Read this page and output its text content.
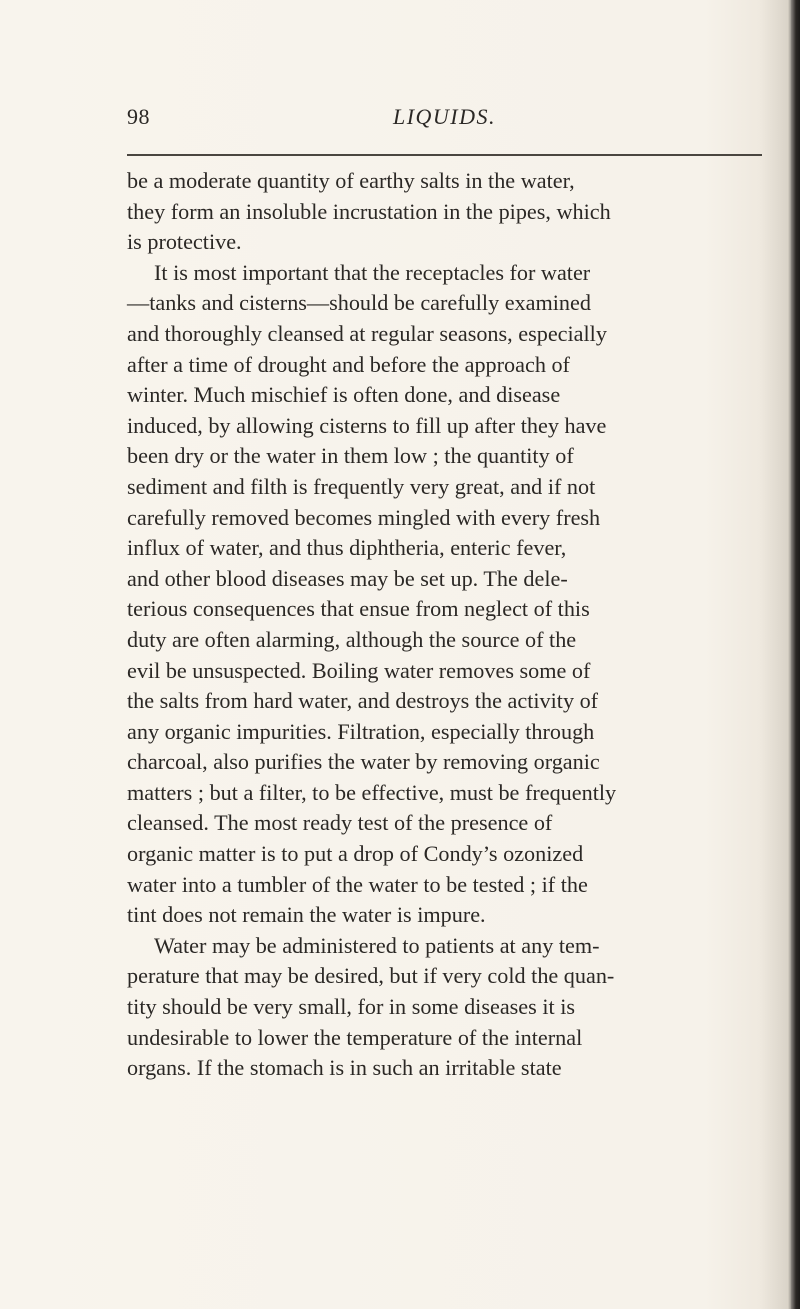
98	LIQUIDS.
be a moderate quantity of earthy salts in the water,
they form an insoluble incrustation in the pipes, which
is protective.
It is most important that the receptacles for water
—tanks and cisterns—should be carefully examined
and thoroughly cleansed at regular seasons, especially
after a time of drought and before the approach of
winter. Much mischief is often done, and disease
induced, by allowing cisterns to fill up after they have
been dry or the water in them low ; the quantity of
sediment and filth is frequently very great, and if not
carefully removed becomes mingled with every fresh
influx of water, and thus diphtheria, enteric fever,
and other blood diseases may be set up. The dele-
terious consequences that ensue from neglect of this
duty are often alarming, although the source of the
evil be unsuspected. Boiling water removes some of
the salts from hard water, and destroys the activity of
any organic impurities. Filtration, especially through
charcoal, also purifies the water by removing organic
matters ; but a filter, to be effective, must be frequently
cleansed. The most ready test of the presence of
organic matter is to put a drop of Condy’s ozonized
water into a tumbler of the water to be tested ; if the
tint does not remain the water is impure.
Water may be administered to patients at any tem-
perature that may be desired, but if very cold the quan-
tity should be very small, for in some diseases it is
undesirable to lower the temperature of the internal
organs. If the stomach is in such an irritable state
